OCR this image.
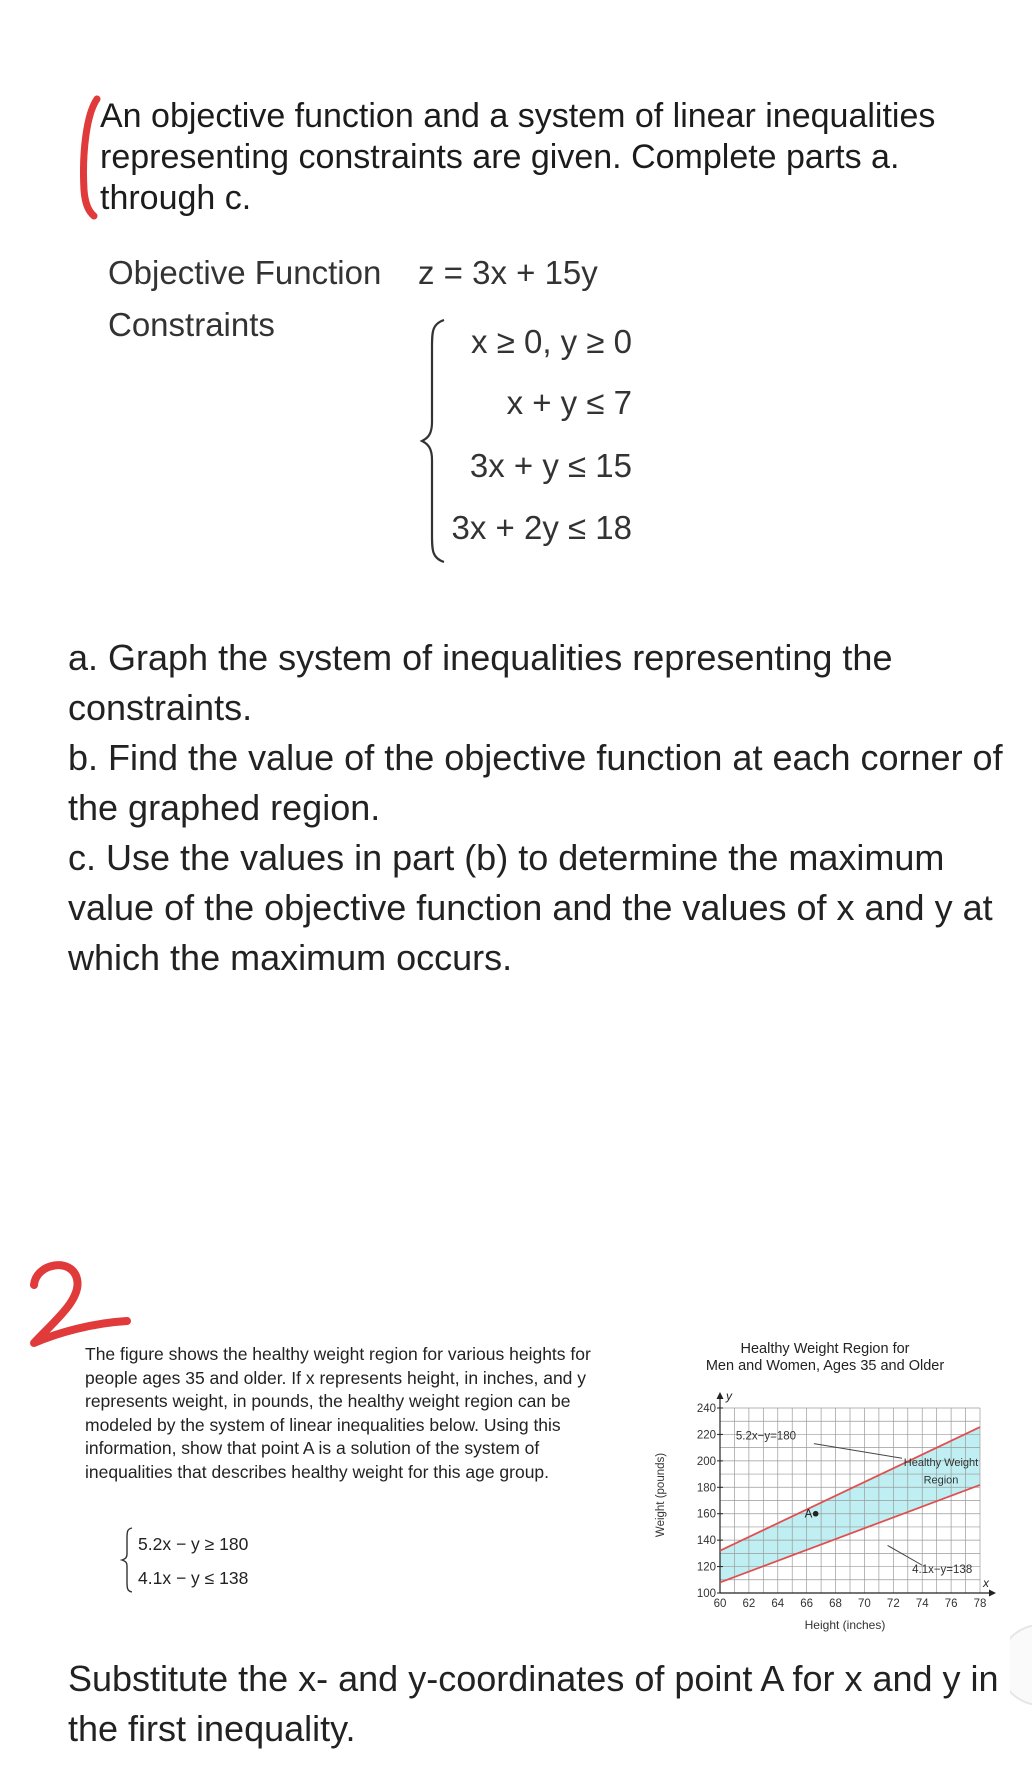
An objective function and a system of linear inequalities representing constraints are given. Complete parts a. through c.
Objective Function z = 3x + 15y
Constraints	x ≥ 0, y ≥ 0
x + y ≤ 7
3x + y ≤ 15
3x + 2y ≤ 18

a. Graph the system of inequalities representing the constraints.

b. Find the value of the objective function at each corner of the graphed region.

c. Use the values in part (b) to determine the maximum value of the objective function and the values of x and y at which the maximum occurs.

The figure shows the healthy weight region for various heights for people ages 35 and older. If x represents height, in inches, and y represents weight, in pounds, the healthy weight region can be modeled by the system of linear inequalities below. Using this information, show that point A is a solution of the system of inequalities that describes healthy weight for this age group.
5.2x − y ≥ 180
4.1x − y ≤ 138
Healthy Weight Region for
Men and Women, Ages 35 and Older
Weight (pounds)
Height (inches)
y
x
60 62 64 66 68 70 72 74 76 78
100
120
140
160
180
200
220
240
5.2x−y=180
4.1x−y=138
Healthy Weight
Region
A
Substitute the x- and y-coordinates of point A for x and y in the first inequality.
